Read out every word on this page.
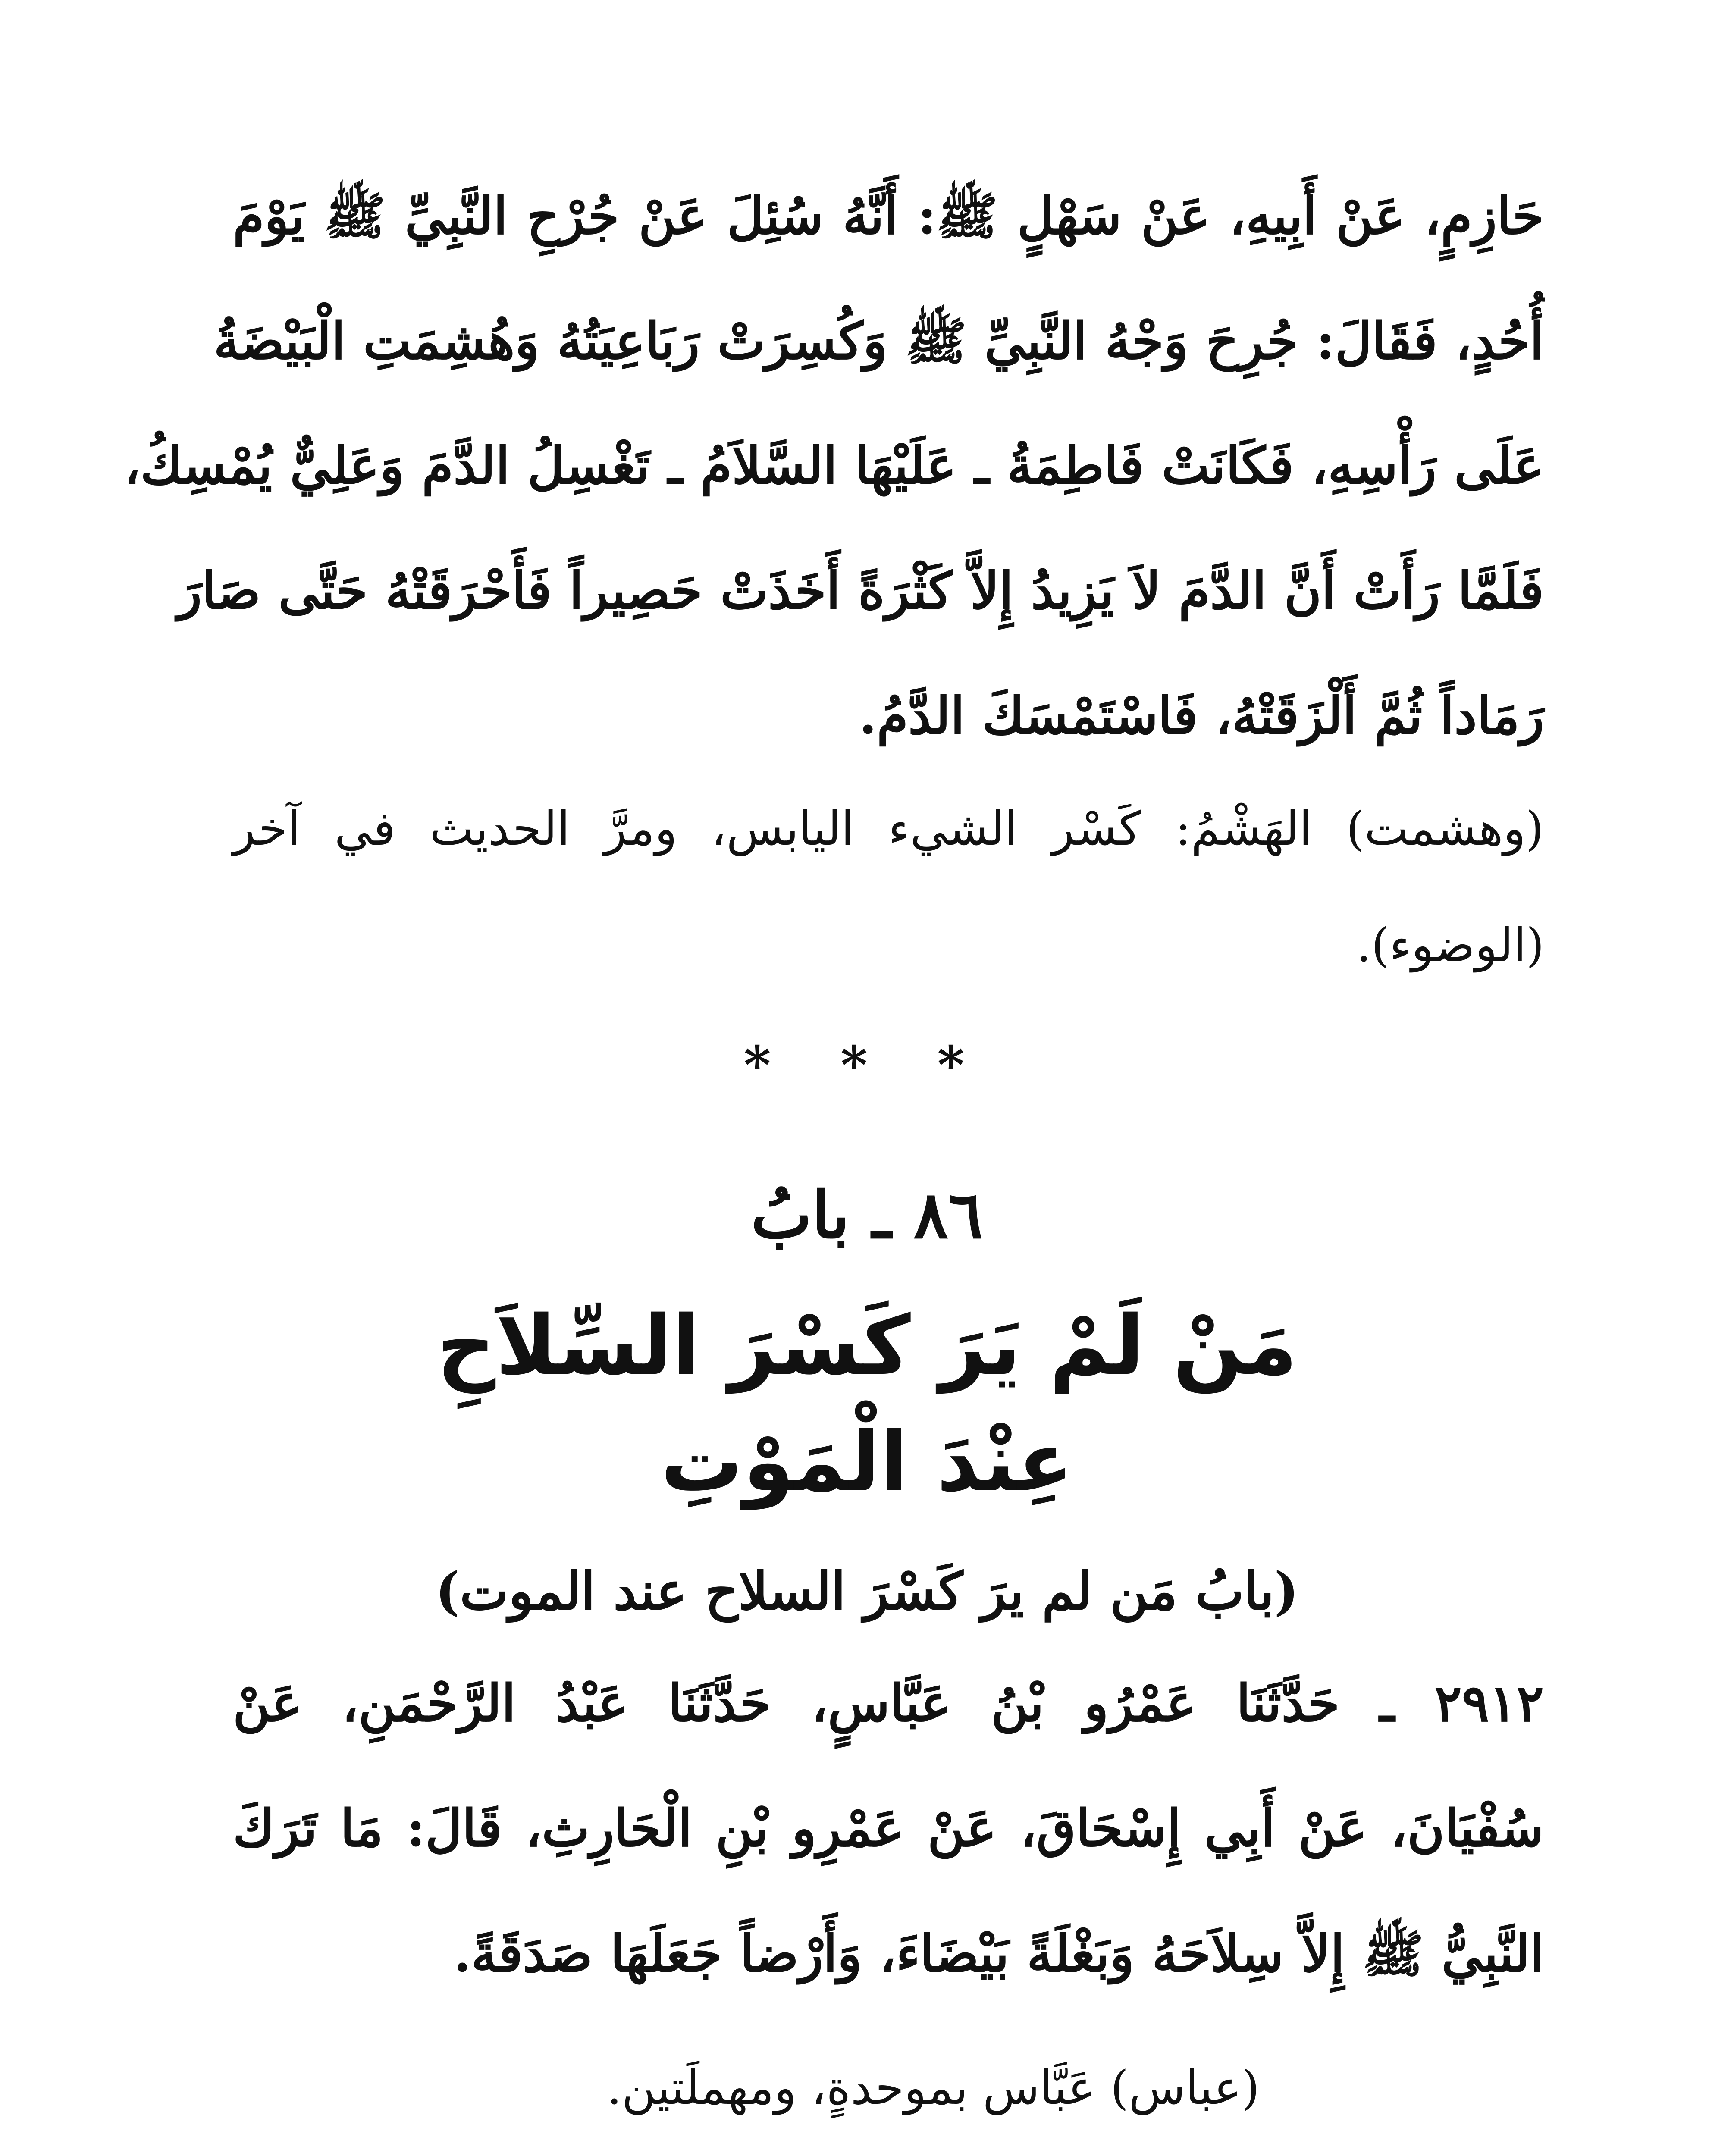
حَازِمٍ، عَنْ أَبِيهِ، عَنْ سَهْلٍ ﷺ: أَنَّهُ سُئِلَ عَنْ جُرْحِ النَّبِيِّ ﷺ يَوْمَ
أُحُدٍ، فَقَالَ: جُرِحَ وَجْهُ النَّبِيِّ ﷺ وَكُسِرَتْ رَبَاعِيَتُهُ وَهُشِمَتِ الْبَيْضَةُ
عَلَى رَأْسِهِ، فَكَانَتْ فَاطِمَةُ ـ عَلَيْهَا السَّلاَمُ ـ تَغْسِلُ الدَّمَ وَعَلِيٌّ يُمْسِكُ،
فَلَمَّا رَأَتْ أَنَّ الدَّمَ لاَ يَزِيدُ إِلاَّ كَثْرَةً أَخَذَتْ حَصِيراً فَأَحْرَقَتْهُ حَتَّى صَارَ
رَمَاداً ثُمَّ أَلْزَقَتْهُ، فَاسْتَمْسَكَ الدَّمُ.
(وهشمت) الهَشْمُ: كَسْر الشيء اليابس، ومرَّ الحديث في آخر
(الوضوء).
* * *
٨٦ ـ بابُ
مَنْ لَمْ يَرَ كَسْرَ السِّلاَحِ
عِنْدَ الْمَوْتِ
(بابُ مَن لم يرَ كَسْرَ السلاح عند الموت)
٢٩١٢ ـ حَدَّثَنَا عَمْرُو بْنُ عَبَّاسٍ، حَدَّثَنَا عَبْدُ الرَّحْمَنِ، عَنْ
سُفْيَانَ، عَنْ أَبِي إِسْحَاقَ، عَنْ عَمْرِو بْنِ الْحَارِثِ، قَالَ: مَا تَرَكَ
النَّبِيُّ ﷺ إِلاَّ سِلاَحَهُ وَبَغْلَةً بَيْضَاءَ، وَأَرْضاً جَعَلَهَا صَدَقَةً.
(عباس) عَبَّاس بموحدةٍ، ومهملَتين.
